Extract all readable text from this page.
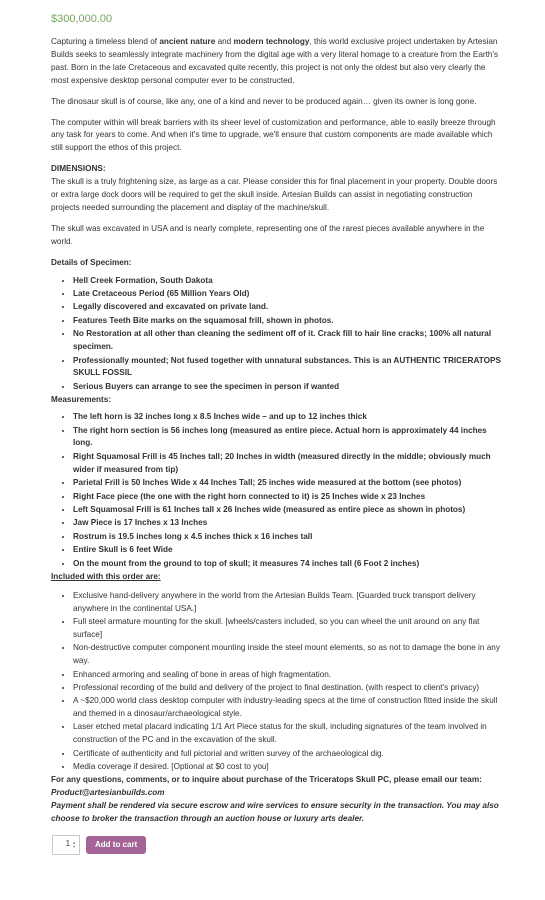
$300,000.00

Capturing a timeless blend of ancient nature and modern technology, this world exclusive project undertaken by Artesian Builds seeks to seamlessly integrate machinery from the digital age with a very literal homage to a creature from the Earth's past. Born in the late Cretaceous and excavated quite recently, this project is not only the oldest but also very clearly the most expensive desktop personal computer ever to be constructed.

The dinosaur skull is of course, like any, one of a kind and never to be produced again… given its owner is long gone.

The computer within will break barriers with its sheer level of customization and performance, able to easily breeze through any task for years to come. And when it's time to upgrade, we'll ensure that custom components are made available which still support the ethos of this project.

DIMENSIONS:
The skull is a truly frightening size, as large as a car. Please consider this for final placement in your property. Double doors or extra large dock doors will be required to get the skull inside. Artesian Builds can assist in negotiating construction projects needed surrounding the placement and display of the machine/skull.

The skull was excavated in USA and is nearly complete, representing one of the rarest pieces available anywhere in the world.

Details of Specimen:
• Hell Creek Formation, South Dakota
• Late Cretaceous Period (65 Million Years Old)
• Legally discovered and excavated on private land.
• Features Teeth Bite marks on the squamosal frill, shown in photos.
• No Restoration at all other than cleaning the sediment off of it. Crack fill to hair line cracks; 100% all natural specimen.
• Professionally mounted; Not fused together with unnatural substances. This is an AUTHENTIC TRICERATOPS SKULL FOSSIL
• Serious Buyers can arrange to see the specimen in person if wanted
Measurements:
• The left horn is 32 inches long x 8.5 Inches wide – and up to 12 inches thick
• The right horn section is 56 inches long (measured as entire piece. Actual horn is approximately 44 inches long.
• Right Squamosal Frill is 45 Inches tall; 20 Inches in width (measured directly in the middle; obviously much wider if measured from tip)
• Parietal Frill is 50 Inches Wide x 44 Inches Tall; 25 inches wide measured at the bottom (see photos)
• Right Face piece (the one with the right horn connected to it) is 25 Inches wide x 23 Inches
• Left Squamosal Frill is 61 Inches tall x 26 Inches wide (measured as entire piece as shown in photos)
• Jaw Piece is 17 Inches x 13 Inches
• Rostrum is 19.5 inches long x 4.5 inches thick x 16 inches tall
• Entire Skull is 6 feet Wide
• On the mount from the ground to top of skull; it measures 74 inches tall (6 Foot 2 inches)
Included with this order are:
• Exclusive hand-delivery anywhere in the world from the Artesian Builds Team. [Guarded truck transport delivery anywhere in the continental USA.]
• Full steel armature mounting for the skull. [wheels/casters included, so you can wheel the unit around on any flat surface]
• Non-destructive computer component mounting inside the steel mount elements, so as not to damage the bone in any way.
• Enhanced armoring and sealing of bone in areas of high fragmentation.
• Professional recording of the build and delivery of the project to final destination. (with respect to client's privacy)
• A ~$20,000 world class desktop computer with industry-leading specs at the time of construction fitted inside the skull and themed in a dinosaur/archaeological style.
• Laser etched metal placard indicating 1/1 Art Piece status for the skull, including signatures of the team involved in construction of the PC and in the excavation of the skull.
• Certificate of authenticity and full pictorial and written survey of the archaeological dig.
• Media coverage if desired. [Optional at $0 cost to you]
For any questions, comments, or to inquire about purchase of the Triceratops Skull PC, please email our team: Product@artesianbuilds.com
Payment shall be rendered via secure escrow and wire services to ensure security in the transaction. You may also choose to broker the transaction through an auction house or luxury arts dealer.
1 ▲
▼	Add to cart
